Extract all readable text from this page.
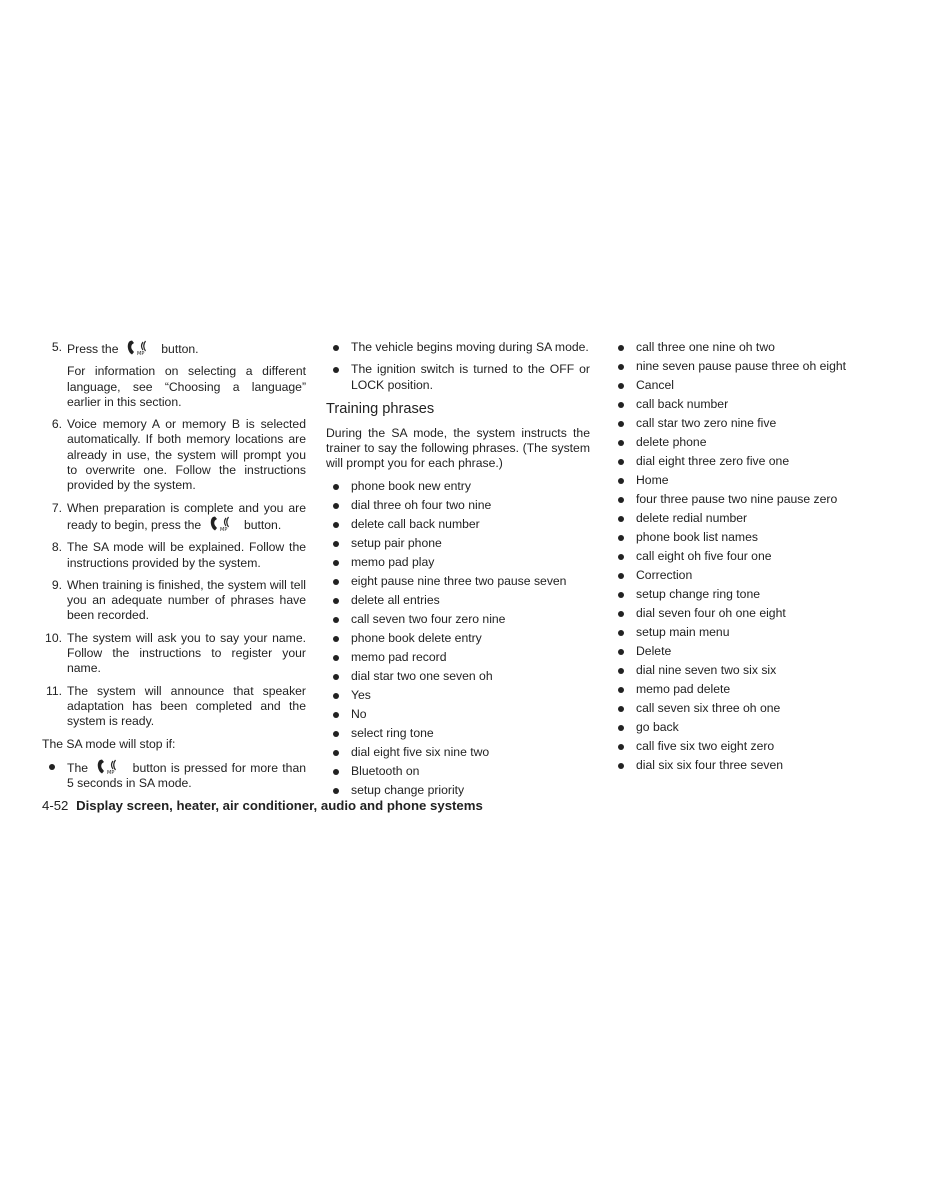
5. Press the	MP button.

For information on selecting a different language, see “Choosing a language” earlier in this section.

6. Voice memory A or memory B is selected automatically. If both memory locations are already in use, the system will prompt you to overwrite one. Follow the instructions provided by the system.
7. When preparation is complete and you are ready to begin, press the	MP button.
8. The SA mode will be explained. Follow the instructions provided by the system.
9. When training is finished, the system will tell you an adequate number of phrases have been recorded.
10. The system will ask you to say your name. Follow the instructions to register your name.
11. The system will announce that speaker adaptation has been completed and the system is ready.

The SA mode will stop if:

The	MP button is pressed for more than 5 seconds in SA mode.
The vehicle begins moving during SA mode.
The ignition switch is turned to the OFF or LOCK position.
Training phrases

During the SA mode, the system instructs the trainer to say the following phrases. (The system will prompt you for each phrase.)

phone book new entry
dial three oh four two nine
delete call back number
setup pair phone
memo pad play
eight pause nine three two pause seven
delete all entries
call seven two four zero nine
phone book delete entry
memo pad record
dial star two one seven oh
Yes
No
select ring tone
dial eight five six nine two
Bluetooth on
setup change priority
call three one nine oh two
nine seven pause pause three oh eight
Cancel
call back number
call star two zero nine five
delete phone
dial eight three zero five one
Home
four three pause two nine pause zero
delete redial number
phone book list names
call eight oh five four one
Correction
setup change ring tone
dial seven four oh one eight
setup main menu
Delete
dial nine seven two six six
memo pad delete
call seven six three oh one
go back
call five six two eight zero
dial six six four three seven
4-52 Display screen, heater, air conditioner, audio and phone systems
